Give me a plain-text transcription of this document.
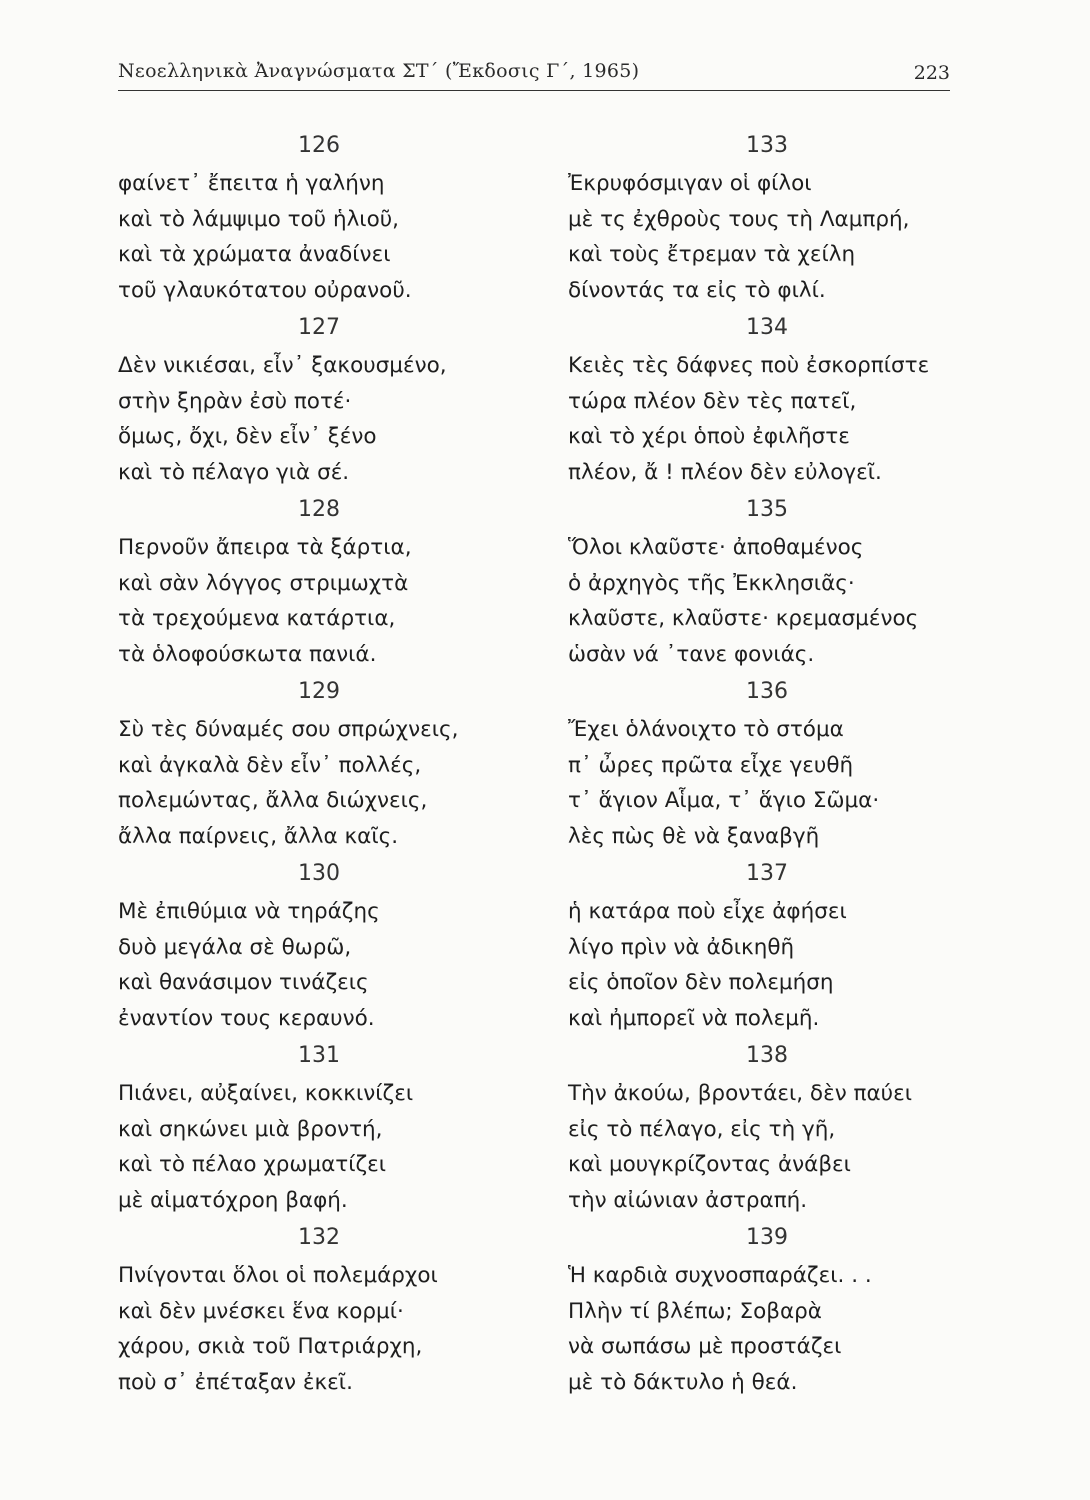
Νεοελληνικὰ Ἀναγνώσματα ΣΤ΄ (Ἔκδοσις Γ΄, 1965)	223
126
φαίνετ᾽ ἔπειτα ἡ γαλήνη
καὶ τὸ λάμψιμο τοῦ ἡλιοῦ,
καὶ τὰ χρώματα ἀναδίνει
τοῦ γλαυκότατου οὐρανοῦ.
127
Δὲν νικιέσαι, εἶν᾽ ξακουσμένο,
στὴν ξηρὰν ἐσὺ ποτέ·
ὅμως, ὄχι, δὲν εἶν᾽ ξένο
καὶ τὸ πέλαγο γιὰ σέ.
128
Περνοῦν ἄπειρα τὰ ξάρτια,
καὶ σὰν λόγγος στριμωχτὰ
τὰ τρεχούμενα κατάρτια,
τὰ ὁλοφούσκωτα πανιά.
129
Σὺ τὲς δύναμές σου σπρώχνεις,
καὶ ἀγκαλὰ δὲν εἶν᾽ πολλές,
πολεμώντας, ἄλλα διώχνεις,
ἄλλα παίρνεις, ἄλλα καῖς.
130
Μὲ ἐπιθύμια νὰ τηράζης
δυὸ μεγάλα σὲ θωρῶ,
καὶ θανάσιμον τινάζεις
ἐναντίον τους κεραυνό.
131
Πιάνει, αὐξαίνει, κοκκινίζει
καὶ σηκώνει μιὰ βροντή,
καὶ τὸ πέλαο χρωματίζει
μὲ αἱματόχροη βαφή.
132
Πνίγονται ὅλοι οἱ πολεμάρχοι
καὶ δὲν μνέσκει ἕνα κορμί·
χάρου, σκιὰ τοῦ Πατριάρχη,
ποὺ σ᾽ ἐπέταξαν ἐκεῖ.
133
Ἐκρυφόσμιγαν οἱ φίλοι
μὲ τς ἐχθροὺς τους τὴ Λαμπρή,
καὶ τοὺς ἔτρεμαν τὰ χείλη
δίνοντάς τα εἰς τὸ φιλί.
134
Κειὲς τὲς δάφνες ποὺ ἐσκορπίστε
τώρα πλέον δὲν τὲς πατεῖ,
καὶ τὸ χέρι ὁποὺ ἐφιλῆστε
πλέον, ἄ ! πλέον δὲν εὐλογεῖ.
135
Ὅλοι κλαῦστε· ἀποθαμένος
ὁ ἀρχηγὸς τῆς Ἐκκλησιᾶς·
κλαῦστε, κλαῦστε· κρεμασμένος
ὡσὰν νά ᾽τανε φονιάς.
136
Ἔχει ὁλάνοιχτο τὸ στόμα
π᾽ ὦρες πρῶτα εἶχε γευθῆ
τ᾽ ἅγιον Αἷμα, τ᾽ ἅγιο Σῶμα·
λὲς πὼς θὲ νὰ ξαναβγῆ
137
ἡ κατάρα ποὺ εἶχε ἀφήσει
λίγο πρὶν νὰ ἀδικηθῆ
εἰς ὁποῖον δὲν πολεμήση
καὶ ἠμπορεῖ νὰ πολεμῆ.
138
Τὴν ἀκούω, βροντάει, δὲν παύει
εἰς τὸ πέλαγο, εἰς τὴ γῆ,
καὶ μουγκρίζοντας ἀνάβει
τὴν αἰώνιαν ἀστραπή.
139
Ἡ καρδιὰ συχνοσπαράζει. . .
Πλὴν τί βλέπω; Σοβαρὰ
νὰ σωπάσω μὲ προστάζει
μὲ τὸ δάκτυλο ἡ θεά.
